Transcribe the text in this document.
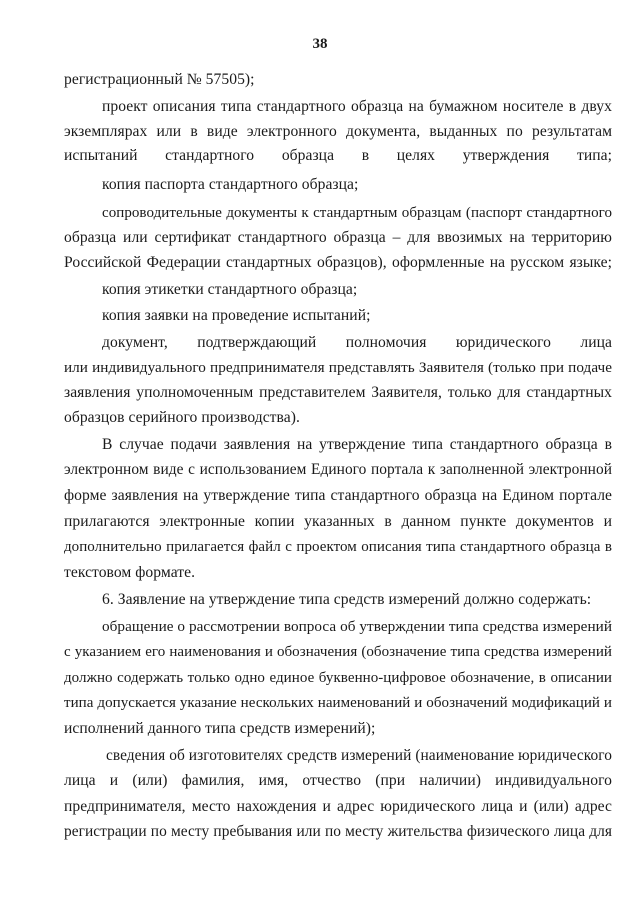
38
регистрационный № 57505);
проект описания типа стандартного образца на бумажном носителе в двух
экземплярах или в виде электронного документа, выданных по результатам
испытаний стандартного образца в целях утверждения типа;
копия паспорта стандартного образца;
сопроводительные документы к стандартным образцам (паспорт стандартного
образца или сертификат стандартного образца – для ввозимых на территорию
Российской Федерации стандартных образцов), оформленные на русском языке;
копия этикетки стандартного образца;
копия заявки на проведение испытаний;
документ, подтверждающий полномочия юридического лица
или индивидуального предпринимателя представлять Заявителя (только при подаче
заявления уполномоченным представителем Заявителя, только для стандартных
образцов серийного производства).
В случае подачи заявления на утверждение типа стандартного образца в
электронном виде с использованием Единого портала к заполненной электронной
форме заявления на утверждение типа стандартного образца на Едином портале
прилагаются электронные копии указанных в данном пункте документов и
дополнительно прилагается файл с проектом описания типа стандартного образца в
текстовом формате.
6. Заявление на утверждение типа средств измерений должно содержать:
обращение о рассмотрении вопроса об утверждении типа средства измерений
с указанием его наименования и обозначения (обозначение типа средства измерений
должно содержать только одно единое буквенно-цифровое обозначение, в описании
типа допускается указание нескольких наименований и обозначений модификаций и
исполнений данного типа средств измерений);
сведения об изготовителях средств измерений (наименование юридического
лица и (или) фамилия, имя, отчество (при наличии) индивидуального
предпринимателя, место нахождения и адрес юридического лица и (или) адрес
регистрации по месту пребывания или по месту жительства физического лица для
